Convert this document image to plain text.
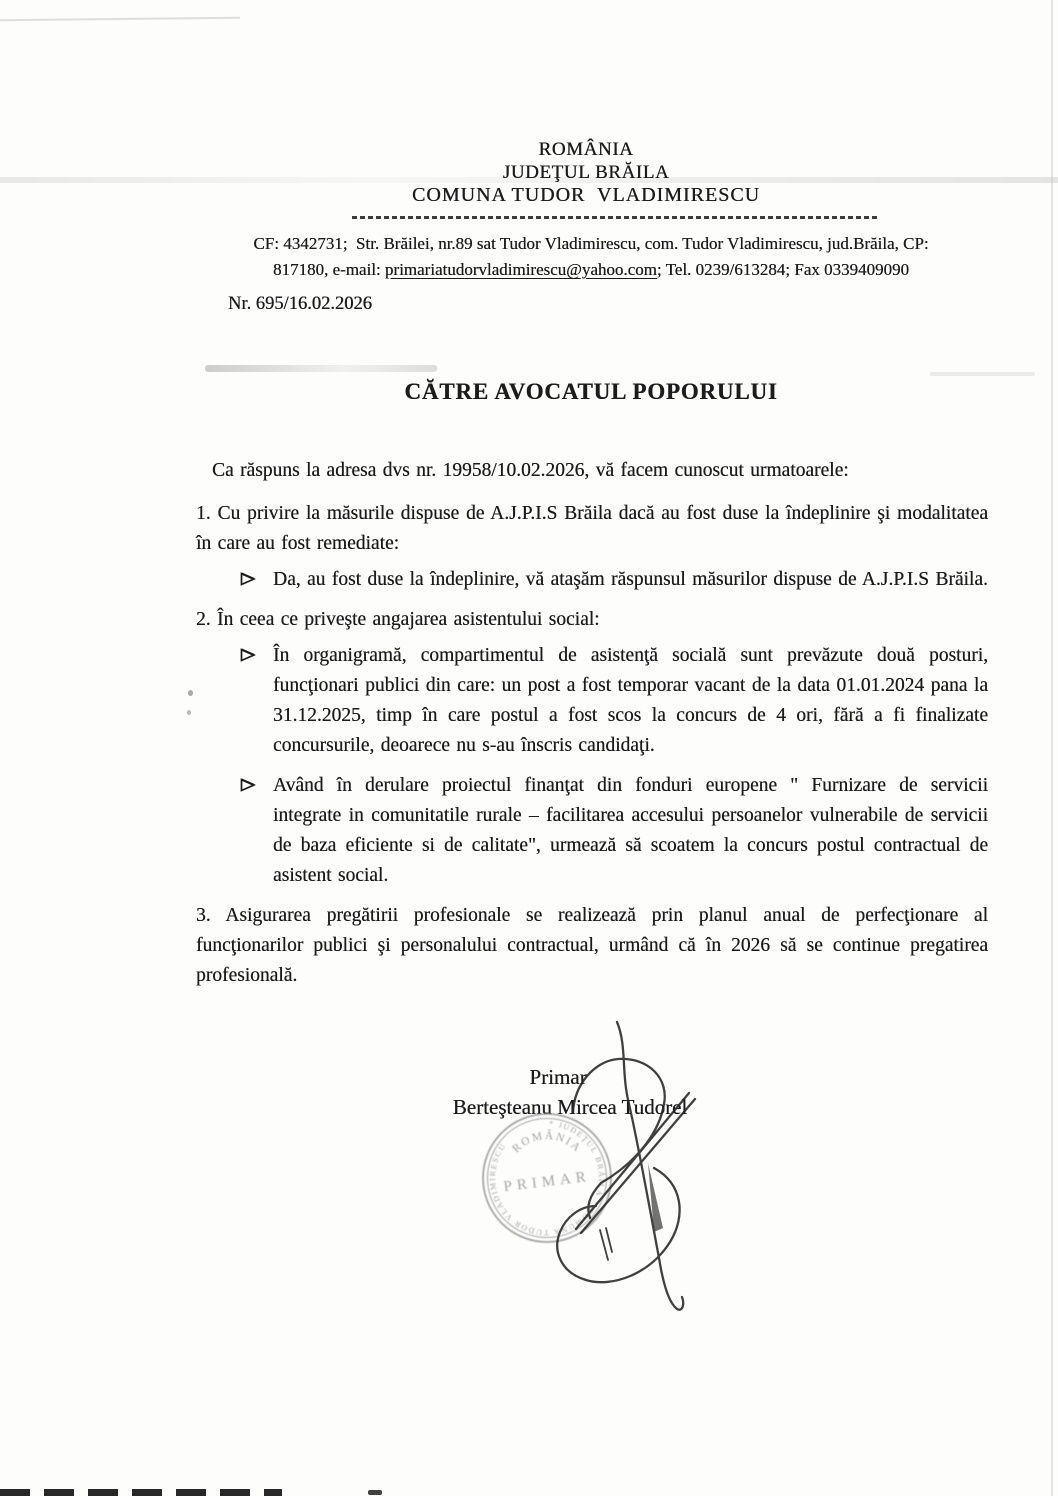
ROMÂNIA
JUDEŢUL BRĂILA
COMUNA TUDOR  VLADIMIRESCU
CF: 4342731;  Str. Brăilei, nr.89 sat Tudor Vladimirescu, com. Tudor Vladimirescu, jud.Brăila, CP:
817180, e-mail: primariatudorvladimirescu@yahoo.com; Tel. 0239/613284; Fax 0339409090
Nr. 695/16.02.2026
CĂTRE AVOCATUL POPORULUI

Ca răspuns la adresa dvs nr. 19958/10.02.2026, vă facem cunoscut urmatoarele:

1. Cu privire la măsurile dispuse de A.J.P.I.S Brăila dacă au fost duse la îndeplinire şi modalitatea în care au fost remediate:

Da, au fost duse la îndeplinire, vă ataşăm răspunsul măsurilor dispuse de A.J.P.I.S Brăila.

2. În ceea ce priveşte angajarea asistentului social:

În organigramă, compartimentul de asistenţă socială sunt prevăzute două posturi, funcţionari publici din care: un post a fost temporar vacant de la data 01.01.2024 pana la 31.12.2025, timp în care postul a fost scos la concurs de 4 ori, fără a fi finalizate concursurile, deoarece nu s-au înscris candidaţi.
Având în derulare proiectul finanţat din fonduri europene " Furnizare de servicii integrate in comunitatile rurale – facilitarea accesului persoanelor vulnerabile de servicii de baza eficiente si de calitate", urmează să scoatem la concurs postul contractual de asistent social.

3. Asigurarea pregătirii profesionale se realizează prin planul anual de perfecţionare al funcţionarilor publici şi personalului contractual, urmând că în 2026 să se continue pregatirea profesională.

Primar
Berteşteanu Mircea Tudorel
* JUDEŢUL BRĂILA * COMUNA TUDOR VLADIMIRESCU ROMÂNIA
PRIMAR
